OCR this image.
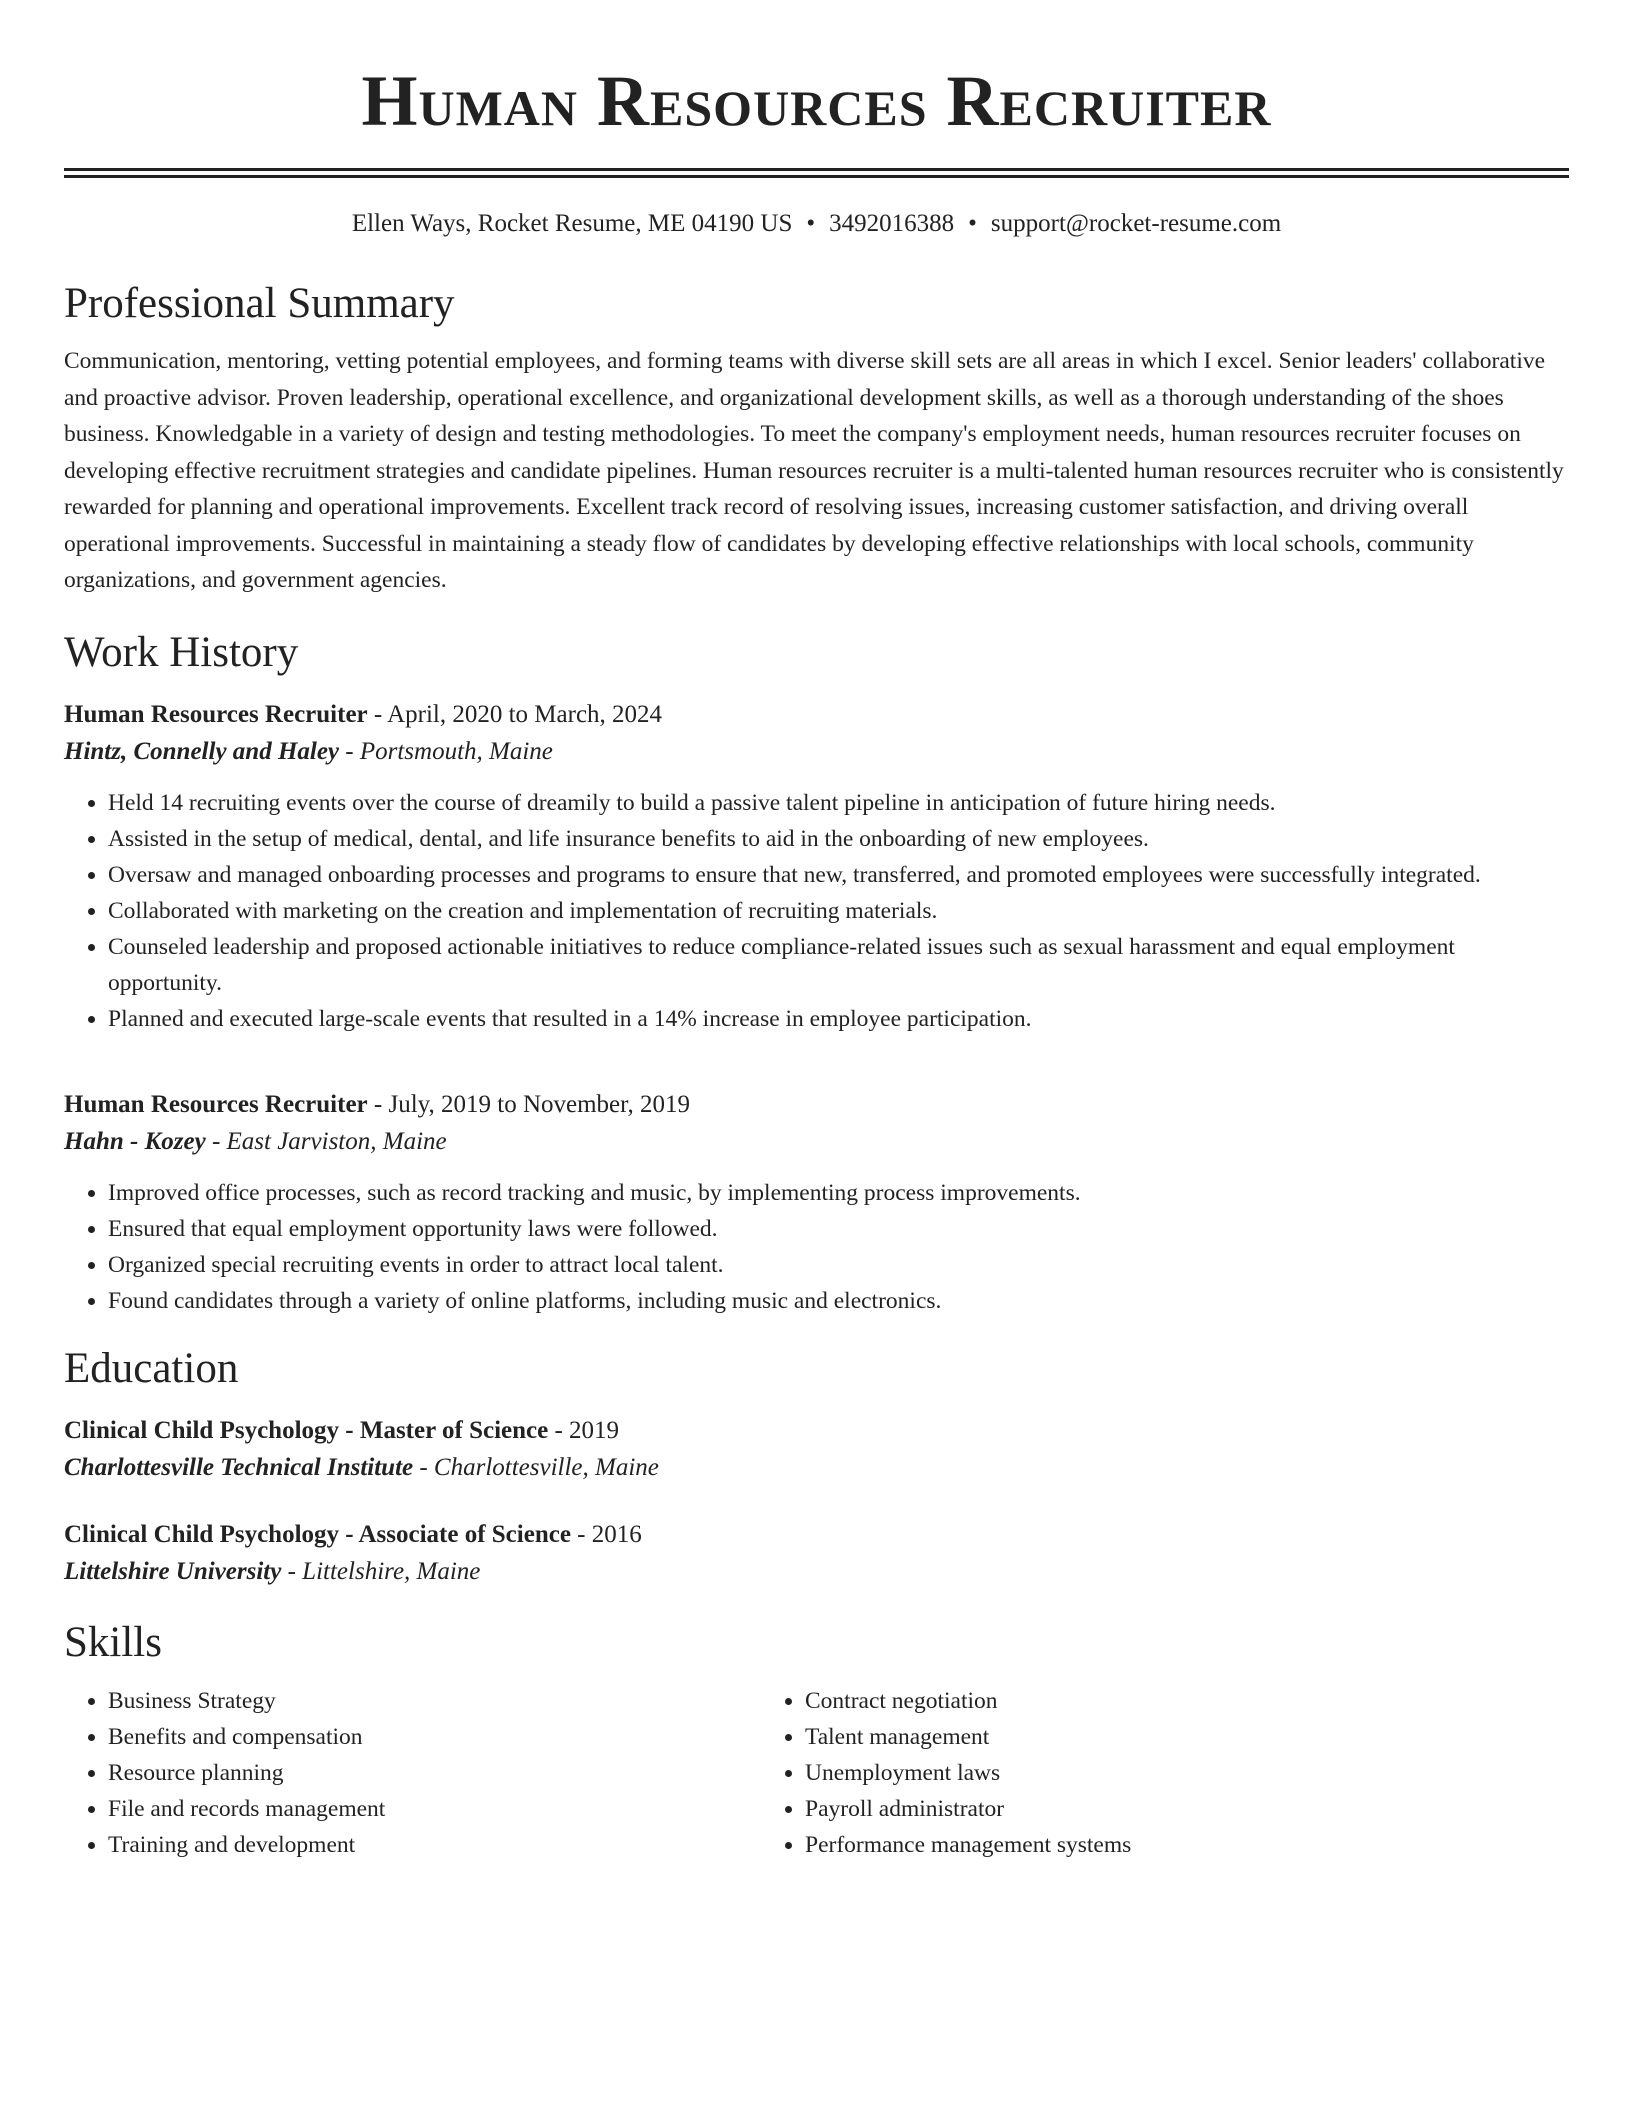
Human Resources Recruiter
Ellen Ways, Rocket Resume, ME 04190 US • 3492016388 • support@rocket-resume.com
Professional Summary
Communication, mentoring, vetting potential employees, and forming teams with diverse skill sets are all areas in which I excel. Senior leaders' collaborative and proactive advisor. Proven leadership, operational excellence, and organizational development skills, as well as a thorough understanding of the shoes business. Knowledgable in a variety of design and testing methodologies. To meet the company's employment needs, human resources recruiter focuses on developing effective recruitment strategies and candidate pipelines. Human resources recruiter is a multi-talented human resources recruiter who is consistently rewarded for planning and operational improvements. Excellent track record of resolving issues, increasing customer satisfaction, and driving overall operational improvements. Successful in maintaining a steady flow of candidates by developing effective relationships with local schools, community organizations, and government agencies.
Work History
Human Resources Recruiter - April, 2020 to March, 2024
Hintz, Connelly and Haley - Portsmouth, Maine
• Held 14 recruiting events over the course of dreamily to build a passive talent pipeline in anticipation of future hiring needs.
• Assisted in the setup of medical, dental, and life insurance benefits to aid in the onboarding of new employees.
• Oversaw and managed onboarding processes and programs to ensure that new, transferred, and promoted employees were successfully integrated.
• Collaborated with marketing on the creation and implementation of recruiting materials.
• Counseled leadership and proposed actionable initiatives to reduce compliance-related issues such as sexual harassment and equal employment opportunity.
• Planned and executed large-scale events that resulted in a 14% increase in employee participation.
Human Resources Recruiter - July, 2019 to November, 2019
Hahn - Kozey - East Jarviston, Maine
• Improved office processes, such as record tracking and music, by implementing process improvements.
• Ensured that equal employment opportunity laws were followed.
• Organized special recruiting events in order to attract local talent.
• Found candidates through a variety of online platforms, including music and electronics.
Education
Clinical Child Psychology - Master of Science - 2019
Charlottesville Technical Institute - Charlottesville, Maine
Clinical Child Psychology - Associate of Science - 2016
Littelshire University - Littelshire, Maine
Skills
• Business Strategy
• Benefits and compensation
• Resource planning
• File and records management
• Training and development
• Contract negotiation
• Talent management
• Unemployment laws
• Payroll administrator
• Performance management systems
